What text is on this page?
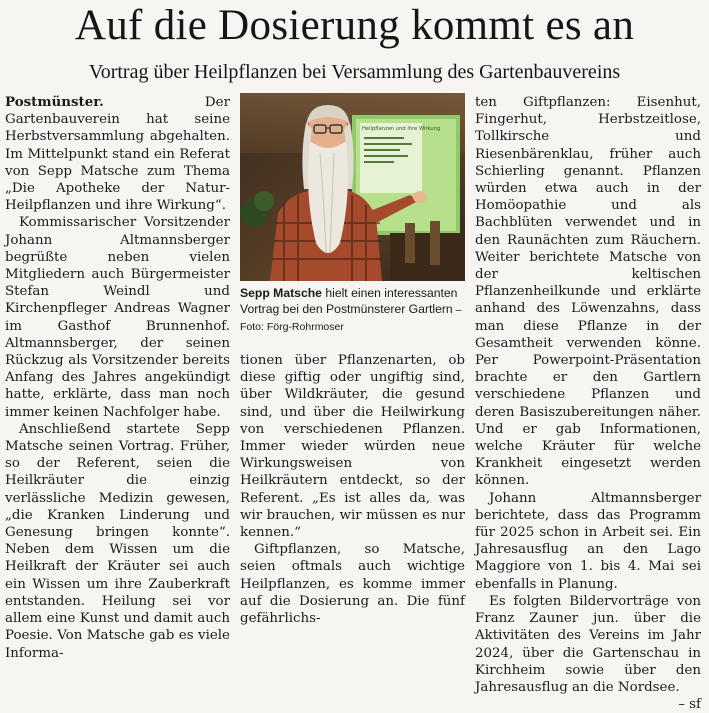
Auf die Dosierung kommt es an
Vortrag über Heilpflanzen bei Versammlung des Gartenbauvereins

Postmünster. Der Gartenbauverein hat seine Herbstversammlung abgehalten. Im Mittelpunkt stand ein Referat von Sepp Matsche zum Thema „Die Apotheke der Natur-Heilpflanzen und ihre Wirkung“.

Kommissarischer Vorsitzender Johann Altmannsberger begrüßte neben vielen Mitgliedern auch Bürgermeister Stefan Weindl und Kirchenpfleger Andreas Wagner im Gasthof Brunnenhof. Altmannsberger, der seinen Rückzug als Vorsitzender bereits Anfang des Jahres angekündigt hatte, erklärte, dass man noch immer keinen Nachfolger habe.

Anschließend startete Sepp Matsche seinen Vortrag. Früher, so der Referent, seien die Heilkräuter die einzig verlässliche Medizin gewesen, „die Kranken Linderung und Genesung bringen konnte“. Neben dem Wissen um die Heilkraft der Kräuter sei auch ein Wissen um ihre Zauberkraft entstanden. Heilung sei vor allem eine Kunst und damit auch Poesie. Von Matsche gab es viele Informa-

Heilpflanzen und ihre Wirkung
Sepp Matsche hielt einen interessanten Vortrag bei den Postmünsterer Gartlern – Foto: Förg-Rohrmoser

tionen über Pflanzenarten, ob diese giftig oder ungiftig sind, über Wildkräuter, die gesund sind, und über die Heilwirkung von verschiedenen Pflanzen. Immer wieder würden neue Wirkungsweisen von Heilkräutern entdeckt, so der Referent. „Es ist alles da, was wir brauchen, wir müssen es nur kennen.“

Giftpflanzen, so Matsche, seien oftmals auch wichtige Heilpflanzen, es komme immer auf die Dosierung an. Die fünf gefährlichs-

ten Giftpflanzen: Eisenhut, Fingerhut, Herbstzeitlose, Tollkirsche und Riesenbärenklau, früher auch Schierling genannt. Pflanzen würden etwa auch in der Homöopathie und als Bachblüten verwendet und in den Raunächten zum Räuchern. Weiter berichtete Matsche von der keltischen Pflanzenheilkunde und erklärte anhand des Löwenzahns, dass man diese Pflanze in der Gesamtheit verwenden könne. Per Powerpoint-Präsentation brachte er den Gartlern verschiedene Pflanzen und deren Basiszubereitungen näher. Und er gab Informationen, welche Kräuter für welche Krankheit eingesetzt werden können.

Johann Altmannsberger berichtete, dass das Programm für 2025 schon in Arbeit sei. Ein Jahresausflug an den Lago Maggiore von 1. bis 4. Mai sei ebenfalls in Planung.

Es folgten Bildervorträge von Franz Zauner jun. über die Aktivitäten des Vereins im Jahr 2024, über die Gartenschau in Kirchheim sowie über den Jahresausflug an die Nordsee.
– sf
